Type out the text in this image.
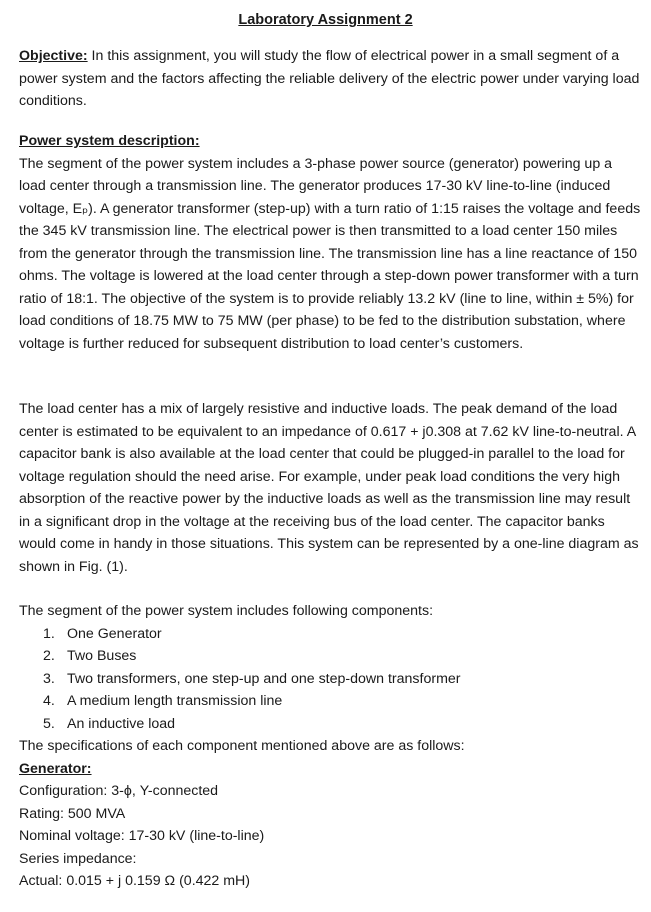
Laboratory Assignment 2

Objective: In this assignment, you will study the flow of electrical power in a small segment of a power system and the factors affecting the reliable delivery of the electric power under varying load conditions.

Power system description:

The segment of the power system includes a 3-phase power source (generator) powering up a load center through a transmission line. The generator produces 17-30 kV line-to-line (induced voltage, Eₚ). A generator transformer (step-up) with a turn ratio of 1:15 raises the voltage and feeds the 345 kV transmission line. The electrical power is then transmitted to a load center 150 miles from the generator through the transmission line. The transmission line has a line reactance of 150 ohms. The voltage is lowered at the load center through a step-down power transformer with a turn ratio of 18:1. The objective of the system is to provide reliably 13.2 kV (line to line, within ± 5%) for load conditions of 18.75 MW to 75 MW (per phase) to be fed to the distribution substation, where voltage is further reduced for subsequent distribution to load center’s customers.

The load center has a mix of largely resistive and inductive loads. The peak demand of the load center is estimated to be equivalent to an impedance of 0.617 + j0.308 at 7.62 kV line-to-neutral. A capacitor bank is also available at the load center that could be plugged-in parallel to the load for voltage regulation should the need arise. For example, under peak load conditions the very high absorption of the reactive power by the inductive loads as well as the transmission line may result in a significant drop in the voltage at the receiving bus of the load center. The capacitor banks would come in handy in those situations. This system can be represented by a one-line diagram as shown in Fig. (1).

The segment of the power system includes following components:

1. One Generator
2. Two Buses
3. Two transformers, one step-up and one step-down transformer
4. A medium length transmission line
5. An inductive load

The specifications of each component mentioned above are as follows:

Generator:

Configuration: 3-ϕ, Y-connected

Rating: 500 MVA

Nominal voltage: 17-30 kV (line-to-line)

Series impedance:

Actual: 0.015 + j 0.159 Ω (0.422 mH)
